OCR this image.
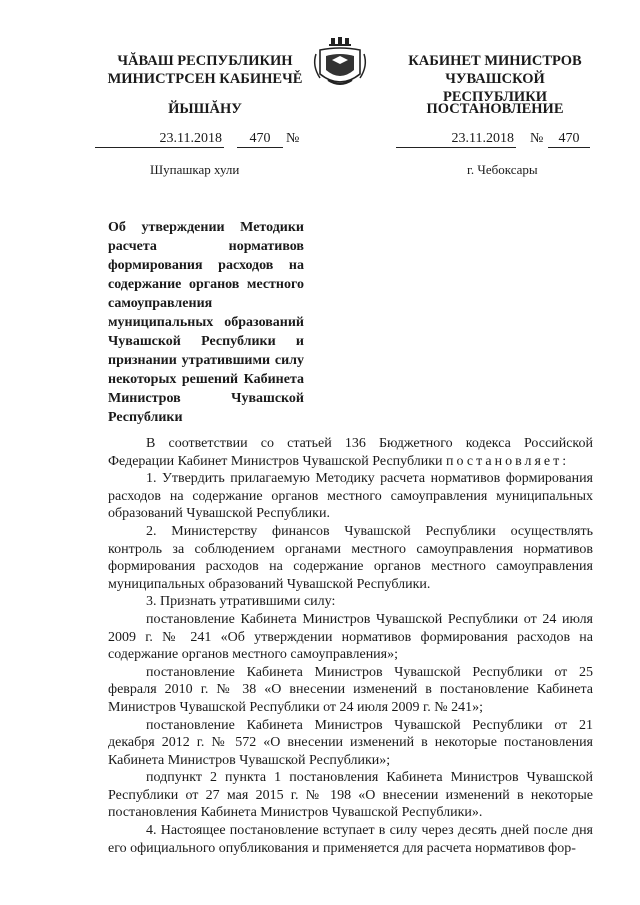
ЧĂВАШ РЕСПУБЛИКИН
МИНИСТРСЕН КАБИНЕЧĚ
ЙЫШĂНУ
КАБИНЕТ МИНИСТРОВ
ЧУВАШСКОЙ РЕСПУБЛИКИ
ПОСТАНОВЛЕНИЕ
23.11.2018	470	№	23.11.2018 №	470
Шупашкар хули	г. Чебоксары
Об утверждении Методики расчета нормативов формирования расходов на содержание органов местного самоуправления муниципальных образований Чувашской Республики и признании утратившими силу некоторых решений Кабинета Министров Чувашской Республики

В соответствии со статьей 136 Бюджетного кодекса Российской Федерации Кабинет Министров Чувашской Республики постановляет:

1. Утвердить прилагаемую Методику расчета нормативов формирования расходов на содержание органов местного самоуправления муниципальных образований Чувашской Республики.

2. Министерству финансов Чувашской Республики осуществлять контроль за соблюдением органами местного самоуправления нормативов формирования расходов на содержание органов местного самоуправления муниципальных образований Чувашской Республики.

3. Признать утратившими силу:

постановление Кабинета Министров Чувашской Республики от 24 июля 2009 г. № 241 «Об утверждении нормативов формирования расходов на содержание органов местного самоуправления»;

постановление Кабинета Министров Чувашской Республики от 25 февраля 2010 г. № 38 «О внесении изменений в постановление Кабинета Министров Чувашской Республики от 24 июля 2009 г. № 241»;

постановление Кабинета Министров Чувашской Республики от 21 декабря 2012 г. № 572 «О внесении изменений в некоторые постановления Кабинета Министров Чувашской Республики»;

подпункт 2 пункта 1 постановления Кабинета Министров Чувашской Республики от 27 мая 2015 г. № 198 «О внесении изменений в некоторые постановления Кабинета Министров Чувашской Республики».

4. Настоящее постановление вступает в силу через десять дней после дня его официального опубликования и применяется для расчета нормативов фор-
